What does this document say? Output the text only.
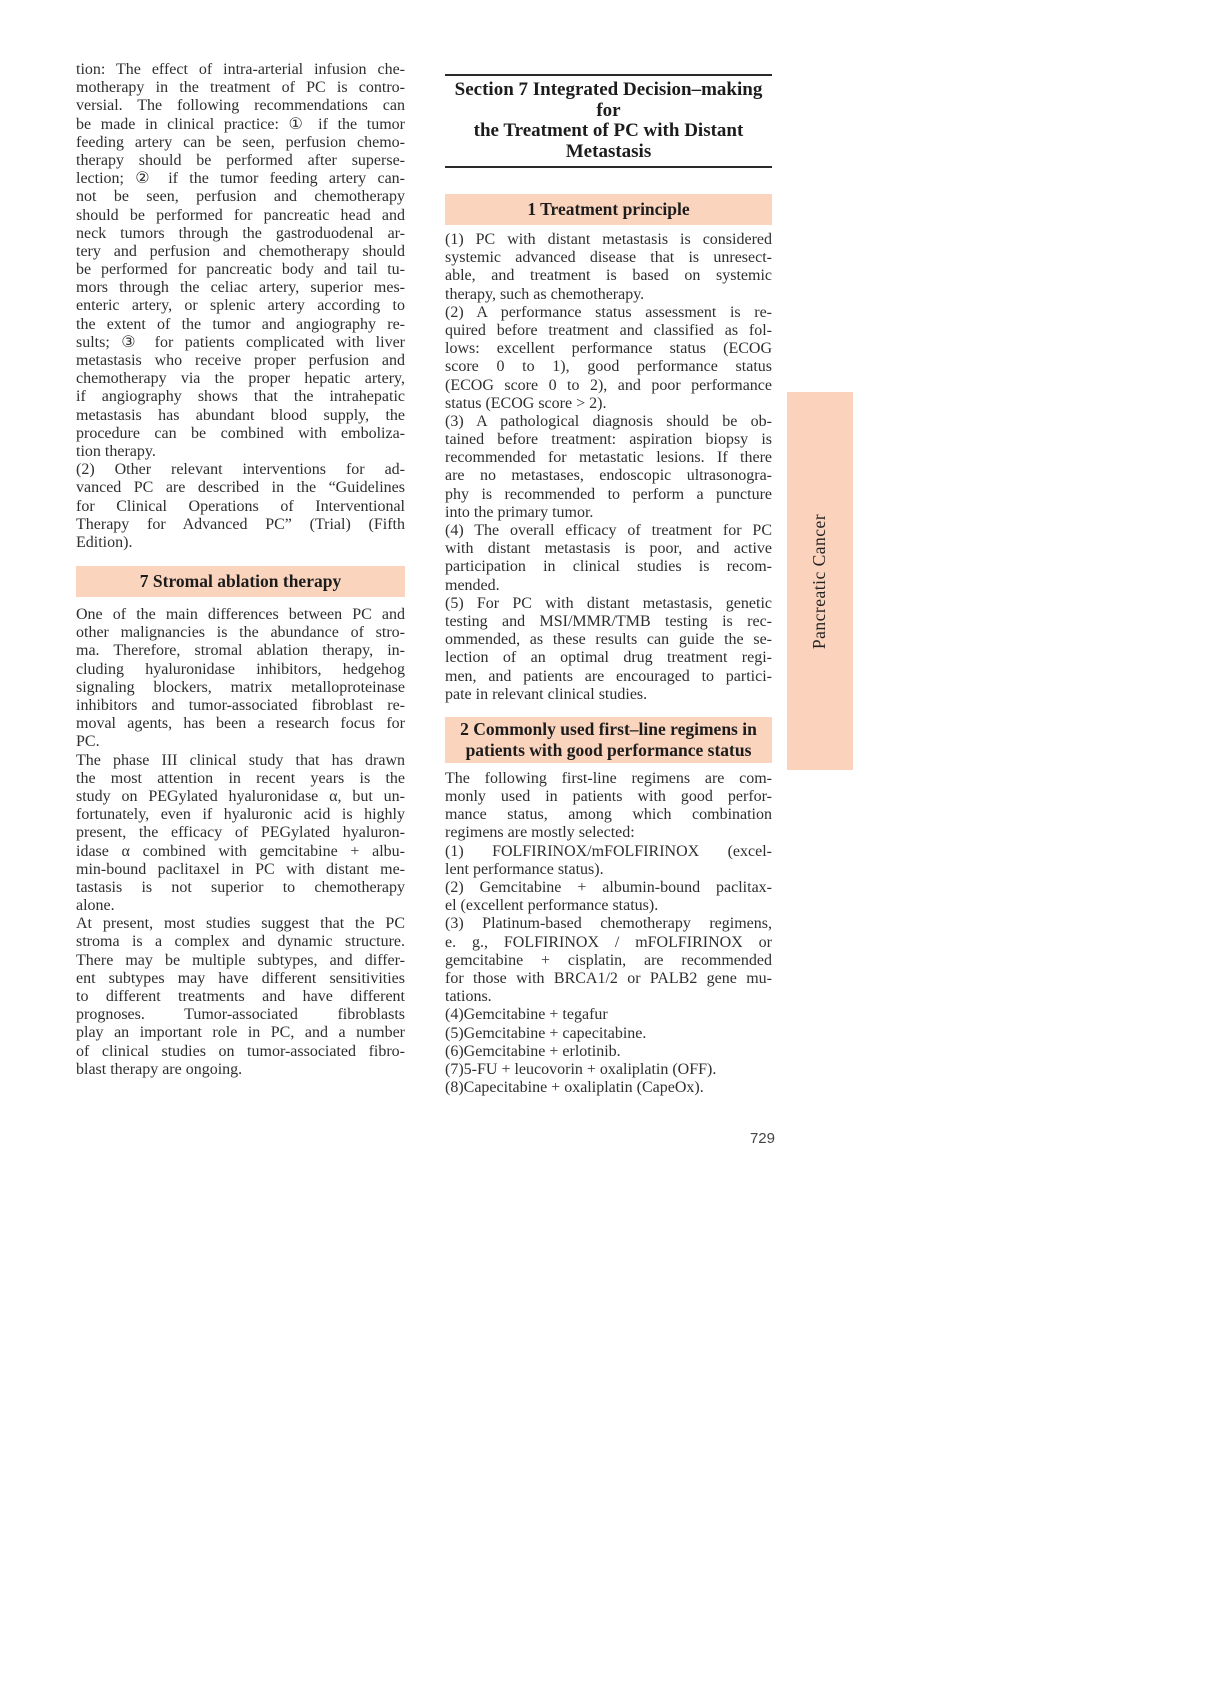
tion: The effect of intra-arterial infusion che-
motherapy in the treatment of PC is contro-
versial. The following recommendations can
be made in clinical practice: ① if the tumor
feeding artery can be seen, perfusion chemo-
therapy should be performed after superse-
lection; ② if the tumor feeding artery can-
not be seen, perfusion and chemotherapy
should be performed for pancreatic head and
neck tumors through the gastroduodenal ar-
tery and perfusion and chemotherapy should
be performed for pancreatic body and tail tu-
mors through the celiac artery, superior mes-
enteric artery, or splenic artery according to
the extent of the tumor and angiography re-
sults; ③ for patients complicated with liver
metastasis who receive proper perfusion and
chemotherapy via the proper hepatic artery,
if angiography shows that the intrahepatic
metastasis has abundant blood supply, the
procedure can be combined with emboliza-
tion therapy.
(2) Other relevant interventions for ad-
vanced PC are described in the “Guidelines
for Clinical Operations of Interventional
Therapy for Advanced PC” (Trial) (Fifth
Edition).
7 Stromal ablation therapy
One of the main differences between PC and
other malignancies is the abundance of stro-
ma. Therefore, stromal ablation therapy, in-
cluding hyaluronidase inhibitors, hedgehog
signaling blockers, matrix metalloproteinase
inhibitors and tumor-associated fibroblast re-
moval agents, has been a research focus for
PC.
The phase III clinical study that has drawn
the most attention in recent years is the
study on PEGylated hyaluronidase α, but un-
fortunately, even if hyaluronic acid is highly
present, the efficacy of PEGylated hyaluron-
idase α combined with gemcitabine + albu-
min-bound paclitaxel in PC with distant me-
tastasis is not superior to chemotherapy
alone.
At present, most studies suggest that the PC
stroma is a complex and dynamic structure.
There may be multiple subtypes, and differ-
ent subtypes may have different sensitivities
to different treatments and have different
prognoses. Tumor-associated fibroblasts
play an important role in PC, and a number
of clinical studies on tumor-associated fibro-
blast therapy are ongoing.
Section 7 Integrated Decision–making for
the Treatment of PC with Distant Metastasis
1 Treatment principle
(1) PC with distant metastasis is considered
systemic advanced disease that is unresect-
able, and treatment is based on systemic
therapy, such as chemotherapy.
(2) A performance status assessment is re-
quired before treatment and classified as fol-
lows: excellent performance status (ECOG
score 0 to 1), good performance status
(ECOG score 0 to 2), and poor performance
status (ECOG score > 2).
(3) A pathological diagnosis should be ob-
tained before treatment: aspiration biopsy is
recommended for metastatic lesions. If there
are no metastases, endoscopic ultrasonogra-
phy is recommended to perform a puncture
into the primary tumor.
(4) The overall efficacy of treatment for PC
with distant metastasis is poor, and active
participation in clinical studies is recom-
mended.
(5) For PC with distant metastasis, genetic
testing and MSI/MMR/TMB testing is rec-
ommended, as these results can guide the se-
lection of an optimal drug treatment regi-
men, and patients are encouraged to partici-
pate in relevant clinical studies.
2 Commonly used first–line regimens in
patients with good performance status
The following first-line regimens are com-
monly used in patients with good perfor-
mance status, among which combination
regimens are mostly selected:
(1) FOLFIRINOX/mFOLFIRINOX (excel-
lent performance status).
(2) Gemcitabine + albumin-bound paclitax-
el (excellent performance status).
(3) Platinum-based chemotherapy regimens,
e. g., FOLFIRINOX / mFOLFIRINOX or
gemcitabine + cisplatin, are recommended
for those with BRCA1/2 or PALB2 gene mu-
tations.
(4)Gemcitabine + tegafur
(5)Gemcitabine + capecitabine.
(6)Gemcitabine + erlotinib.
(7)5-FU + leucovorin + oxaliplatin (OFF).
(8)Capecitabine + oxaliplatin (CapeOx).
Pancreatic Cancer
729
